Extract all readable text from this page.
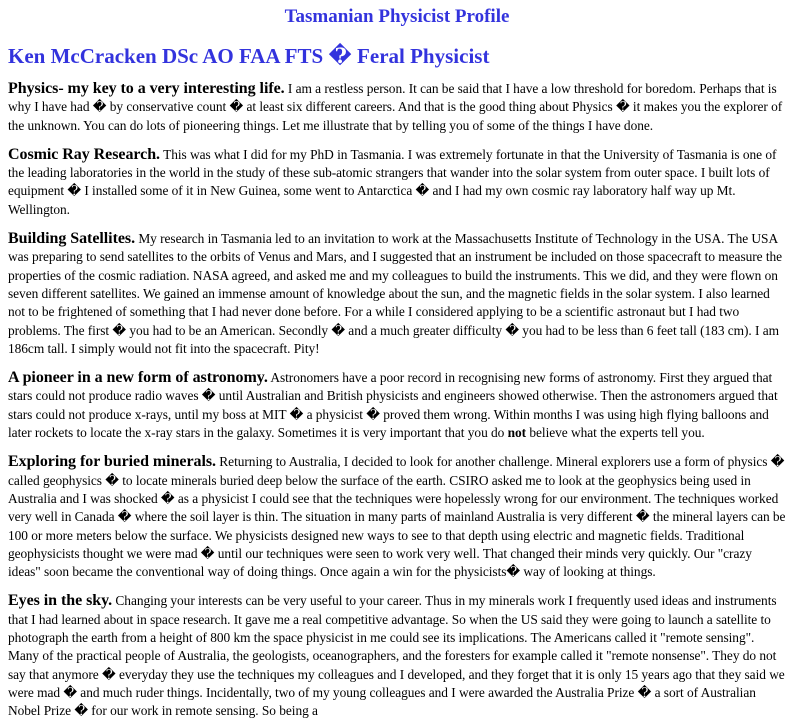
Tasmanian Physicist Profile
Ken McCracken DSc AO FAA FTS � Feral Physicist

Physics- my key to a very interesting life. I am a restless person. It can be said that I have a low threshold for boredom. Perhaps that is why I have had � by conservative count � at least six different careers. And that is the good thing about Physics � it makes you the explorer of the unknown. You can do lots of pioneering things. Let me illustrate that by telling you of some of the things I have done.

Cosmic Ray Research. This was what I did for my PhD in Tasmania. I was extremely fortunate in that the University of Tasmania is one of the leading laboratories in the world in the study of these sub-atomic strangers that wander into the solar system from outer space. I built lots of equipment � I installed some of it in New Guinea, some went to Antarctica � and I had my own cosmic ray laboratory half way up Mt. Wellington.

Building Satellites. My research in Tasmania led to an invitation to work at the Massachusetts Institute of Technology in the USA. The USA was preparing to send satellites to the orbits of Venus and Mars, and I suggested that an instrument be included on those spacecraft to measure the properties of the cosmic radiation. NASA agreed, and asked me and my colleagues to build the instruments. This we did, and they were flown on seven different satellites. We gained an immense amount of knowledge about the sun, and the magnetic fields in the solar system. I also learned not to be frightened of something that I had never done before. For a while I considered applying to be a scientific astronaut but I had two problems. The first � you had to be an American. Secondly � and a much greater difficulty � you had to be less than 6 feet tall (183 cm). I am 186cm tall. I simply would not fit into the spacecraft. Pity!

A pioneer in a new form of astronomy. Astronomers have a poor record in recognising new forms of astronomy. First they argued that stars could not produce radio waves � until Australian and British physicists and engineers showed otherwise. Then the astronomers argued that stars could not produce x-rays, until my boss at MIT � a physicist � proved them wrong. Within months I was using high flying balloons and later rockets to locate the x-ray stars in the galaxy. Sometimes it is very important that you do not believe what the experts tell you.

Exploring for buried minerals. Returning to Australia, I decided to look for another challenge. Mineral explorers use a form of physics � called geophysics � to locate minerals buried deep below the surface of the earth. CSIRO asked me to look at the geophysics being used in Australia and I was shocked � as a physicist I could see that the techniques were hopelessly wrong for our environment. The techniques worked very well in Canada � where the soil layer is thin. The situation in many parts of mainland Australia is very different � the mineral layers can be 100 or more meters below the surface. We physicists designed new ways to see to that depth using electric and magnetic fields. Traditional geophysicists thought we were mad � until our techniques were seen to work very well. That changed their minds very quickly. Our "crazy ideas" soon became the conventional way of doing things. Once again a win for the physicists� way of looking at things.

Eyes in the sky. Changing your interests can be very useful to your career. Thus in my minerals work I frequently used ideas and instruments that I had learned about in space research. It gave me a real competitive advantage. So when the US said they were going to launch a satellite to photograph the earth from a height of 800 km the space physicist in me could see its implications. The Americans called it "remote sensing". Many of the practical people of Australia, the geologists, oceanographers, and the foresters for example called it "remote nonsense". They do not say that anymore � everyday they use the techniques my colleagues and I developed, and they forget that it is only 15 years ago that they said we were mad � and much ruder things. Incidentally, two of my young colleagues and I were awarded the Australia Prize � a sort of Australian Nobel Prize � for our work in remote sensing. So being a
